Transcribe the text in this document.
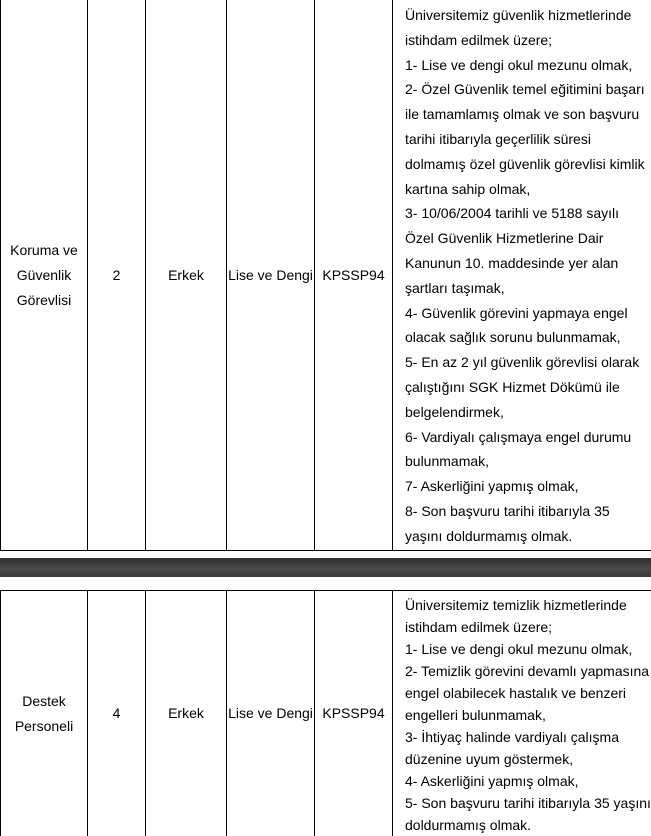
Koruma ve Güvenlik Görevlisi	2	Erkek	Lise ve Dengi	KPSSP94	
Üniversitemiz güvenlik hizmetlerinde
istihdam edilmek üzere;
1- Lise ve dengi okul mezunu olmak,
2- Özel Güvenlik temel eğitimini başarı
ile tamamlamış olmak ve son başvuru
tarihi itibarıyla geçerlilik süresi
dolmamış özel güvenlik görevlisi kimlik
kartına sahip olmak,
3- 10/06/2004 tarihli ve 5188 sayılı
Özel Güvenlik Hizmetlerine Dair
Kanunun 10. maddesinde yer alan
şartları taşımak,
4- Güvenlik görevini yapmaya engel
olacak sağlık sorunu bulunmamak,
5- En az 2 yıl güvenlik görevlisi olarak
çalıştığını SGK Hizmet Dökümü ile
belgelendirmek,
6- Vardiyalı çalışmaya engel durumu
bulunmamak,
7- Askerliğini yapmış olmak,
8- Son başvuru tarihi itibarıyla 35
yaşını doldurmamış olmak.
Destek Personeli	4	Erkek	Lise ve Dengi	KPSSP94	
Üniversitemiz temizlik hizmetlerinde
istihdam edilmek üzere;
1- Lise ve dengi okul mezunu olmak,
2- Temizlik görevini devamlı yapmasına
engel olabilecek hastalık ve benzeri
engelleri bulunmamak,
3- İhtiyaç halinde vardiyalı çalışma
düzenine uyum göstermek,
4- Askerliğini yapmış olmak,
5- Son başvuru tarihi itibarıyla 35 yaşını
doldurmamış olmak.
